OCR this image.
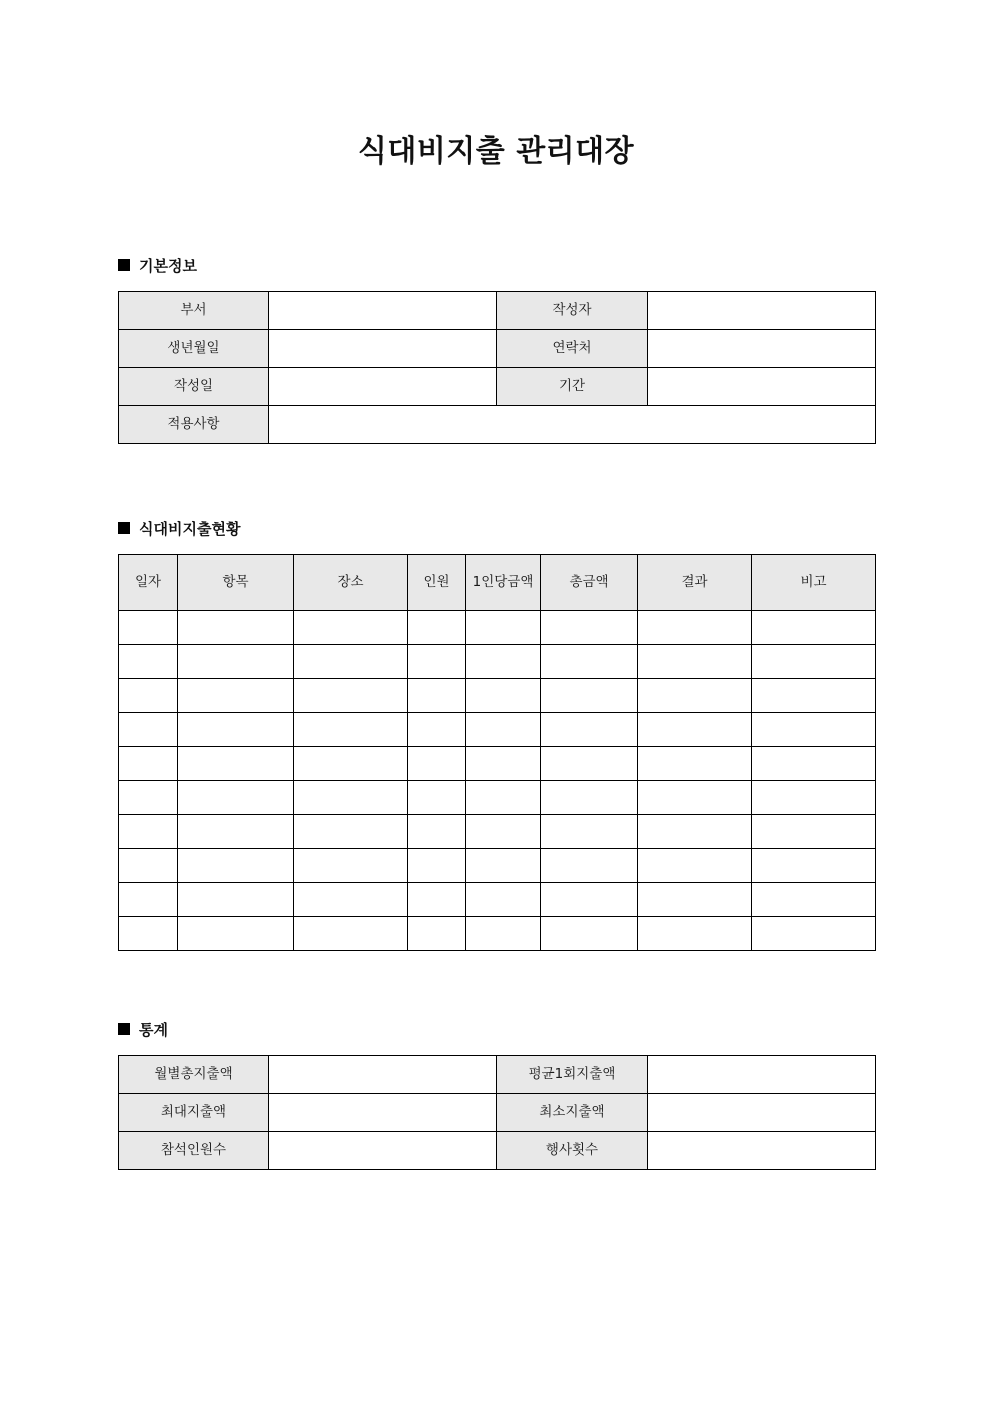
식대비지출 관리대장
기본정보
부서		작성자	
생년월일		연락처	
작성일		기간	
적용사항			
식대비지출현황
일자	항목	장소	인원	1인당금액	총금액	결과	비고

통계
월별총지출액		평균1회지출액	
최대지출액		최소지출액	
참석인원수		행사횟수	
